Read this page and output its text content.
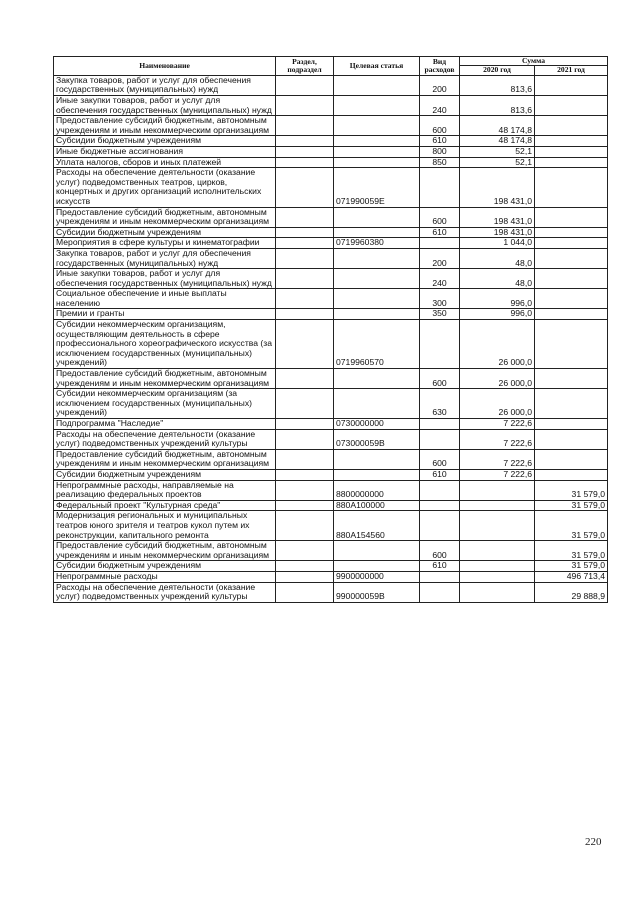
Наименование	Раздел, подраздел	Целевая статья	Вид расходов	Сумма	
				2020 год	2021 год
Закупка товаров, работ и услуг для обеспечения государственных (муниципальных) нужд			200	813,6	
Иные закупки товаров, работ и услуг для обеспечения государственных (муниципальных) нужд			240	813,6	
Предоставление субсидий бюджетным, автономным учреждениям и иным некоммерческим организациям			600	48 174,8	
Субсидии бюджетным учреждениям			610	48 174,8	
Иные бюджетные ассигнования			800	52,1	
Уплата налогов, сборов и иных платежей			850	52,1	
Расходы на обеспечение деятельности (оказание услуг) подведомственных театров, цирков, концертных и других организаций исполнительских искусств		071990059E		198 431,0	
Предоставление субсидий бюджетным, автономным учреждениям и иным некоммерческим организациям			600	198 431,0	
Субсидии бюджетным учреждениям			610	198 431,0	
Мероприятия в сфере культуры и кинематографии		0719960380		1 044,0	
Закупка товаров, работ и услуг для обеспечения государственных (муниципальных) нужд			200	48,0	
Иные закупки товаров, работ и услуг для обеспечения государственных (муниципальных) нужд			240	48,0	
Социальное обеспечение и иные выплаты населению			300	996,0	
Премии и гранты			350	996,0	
Субсидии некоммерческим организациям, осуществляющим деятельность в сфере профессионального хореографического искусства (за исключением государственных (муниципальных) учреждений)		0719960570		26 000,0	
Предоставление субсидий бюджетным, автономным учреждениям и иным некоммерческим организациям			600	26 000,0	
Субсидии некоммерческим организациям (за исключением государственных (муниципальных) учреждений)			630	26 000,0	
Подпрограмма "Наследие"		0730000000		7 222,6	
Расходы на обеспечение деятельности (оказание услуг) подведомственных учреждений культуры		073000059B		7 222,6	
Предоставление субсидий бюджетным, автономным учреждениям и иным некоммерческим организациям			600	7 222,6	
Субсидии бюджетным учреждениям			610	7 222,6	
Непрограммные расходы, направляемые на реализацию федеральных проектов		8800000000			31 579,0
Федеральный проект "Культурная среда"		880A100000			31 579,0
Модернизация региональных и муниципальных театров юного зрителя и театров кукол путем их реконструкции, капитального ремонта		880A154560			31 579,0
Предоставление субсидий бюджетным, автономным учреждениям и иным некоммерческим организациям			600		31 579,0
Субсидии бюджетным учреждениям			610		31 579,0
Непрограммные расходы		9900000000			496 713,4
Расходы на обеспечение деятельности (оказание услуг) подведомственных учреждений культуры		990000059B			29 888,9
220
